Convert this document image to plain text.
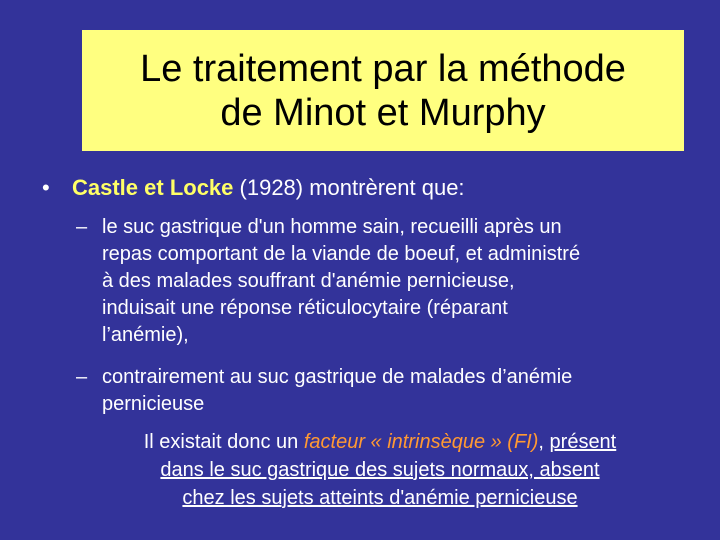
Le traitement par la méthode
de Minot et Murphy
• Castle et Locke (1928) montrèrent que:
– le suc gastrique d'un homme sain, recueilli après un
repas comportant de la viande de boeuf, et administré
à des malades souffrant d'anémie pernicieuse,
induisait une réponse réticulocytaire (réparant
l’anémie),
– contrairement au suc gastrique de malades d’anémie
pernicieuse
Il existait donc un facteur « intrinsèque » (FI), présent
dans le suc gastrique des sujets normaux, absent
chez les sujets atteints d'anémie pernicieuse
